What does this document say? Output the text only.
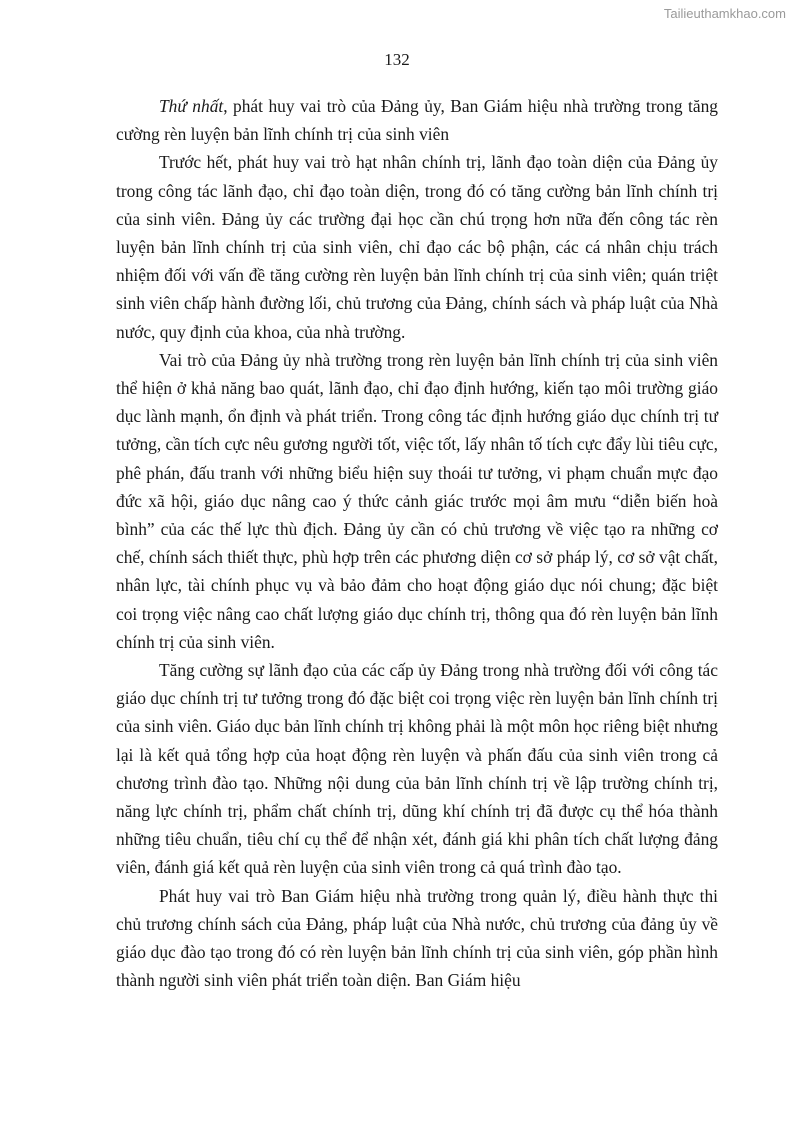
Tailieuthamkhao.com
132

Thứ nhất, phát huy vai trò của Đảng ủy, Ban Giám hiệu nhà trường trong tăng cường rèn luyện bản lĩnh chính trị của sinh viên

Trước hết, phát huy vai trò hạt nhân chính trị, lãnh đạo toàn diện của Đảng ủy trong công tác lãnh đạo, chỉ đạo toàn diện, trong đó có tăng cường bản lĩnh chính trị của sinh viên. Đảng ủy các trường đại học cần chú trọng hơn nữa đến công tác rèn luyện bản lĩnh chính trị của sinh viên, chỉ đạo các bộ phận, các cá nhân chịu trách nhiệm đối với vấn đề tăng cường rèn luyện bản lĩnh chính trị của sinh viên; quán triệt sinh viên chấp hành đường lối, chủ trương của Đảng, chính sách và pháp luật của Nhà nước, quy định của khoa, của nhà trường.

Vai trò của Đảng ủy nhà trường trong rèn luyện bản lĩnh chính trị của sinh viên thể hiện ở khả năng bao quát, lãnh đạo, chỉ đạo định hướng, kiến tạo môi trường giáo dục lành mạnh, ổn định và phát triển. Trong công tác định hướng giáo dục chính trị tư tưởng, cần tích cực nêu gương người tốt, việc tốt, lấy nhân tố tích cực đẩy lùi tiêu cực, phê phán, đấu tranh với những biểu hiện suy thoái tư tưởng, vi phạm chuẩn mực đạo đức xã hội, giáo dục nâng cao ý thức cảnh giác trước mọi âm mưu “diễn biến hoà bình” của các thế lực thù địch. Đảng ủy cần có chủ trương về việc tạo ra những cơ chế, chính sách thiết thực, phù hợp trên các phương diện cơ sở pháp lý, cơ sở vật chất, nhân lực, tài chính phục vụ và bảo đảm cho hoạt động giáo dục nói chung; đặc biệt coi trọng việc nâng cao chất lượng giáo dục chính trị, thông qua đó rèn luyện bản lĩnh chính trị của sinh viên.

Tăng cường sự lãnh đạo của các cấp ủy Đảng trong nhà trường đối với công tác giáo dục chính trị tư tưởng trong đó đặc biệt coi trọng việc rèn luyện bản lĩnh chính trị của sinh viên. Giáo dục bản lĩnh chính trị không phải là một môn học riêng biệt nhưng lại là kết quả tổng hợp của hoạt động rèn luyện và phấn đấu của sinh viên trong cả chương trình đào tạo. Những nội dung của bản lĩnh chính trị về lập trường chính trị, năng lực chính trị, phẩm chất chính trị, dũng khí chính trị đã được cụ thể hóa thành những tiêu chuẩn, tiêu chí cụ thể để nhận xét, đánh giá khi phân tích chất lượng đảng viên, đánh giá kết quả rèn luyện của sinh viên trong cả quá trình đào tạo.

Phát huy vai trò Ban Giám hiệu nhà trường trong quản lý, điều hành thực thi chủ trương chính sách của Đảng, pháp luật của Nhà nước, chủ trương của đảng ủy về giáo dục đào tạo trong đó có rèn luyện bản lĩnh chính trị của sinh viên, góp phần hình thành người sinh viên phát triển toàn diện. Ban Giám hiệu
